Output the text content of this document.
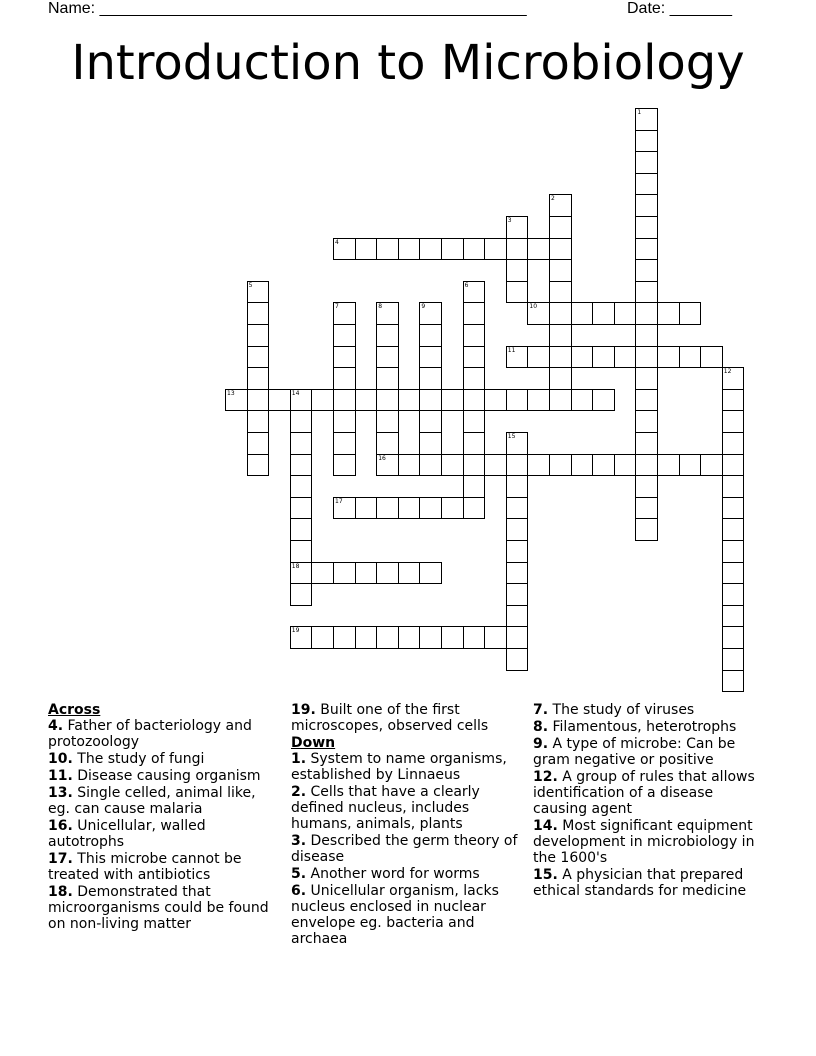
Name: ________________________________________________	Date: _______
Introduction to Microbiology
1
2
3
4
5	6
7	8
16
9	10
11
12
13	14
18
15
17
19
Across
4. Father of bacteriology and protozoology
10. The study of fungi
11. Disease causing organism
13. Single celled, animal like, eg. can cause malaria
16. Unicellular, walled autotrophs
17. This microbe cannot be treated with antibiotics
18. Demonstrated that microorganisms could be found on non-living matter
19. Built one of the first microscopes, observed cells
Down
1. System to name organisms, established by Linnaeus
2. Cells that have a clearly defined nucleus, includes humans, animals, plants
3. Described the germ theory of disease
5. Another word for worms
6. Unicellular organism, lacks nucleus enclosed in nuclear envelope eg. bacteria and archaea
7. The study of viruses
8. Filamentous, heterotrophs
9. A type of microbe: Can be gram negative or positive
12. A group of rules that allows identification of a disease causing agent
14. Most significant equipment development in microbiology in the 1600's
15. A physician that prepared ethical standards for medicine
